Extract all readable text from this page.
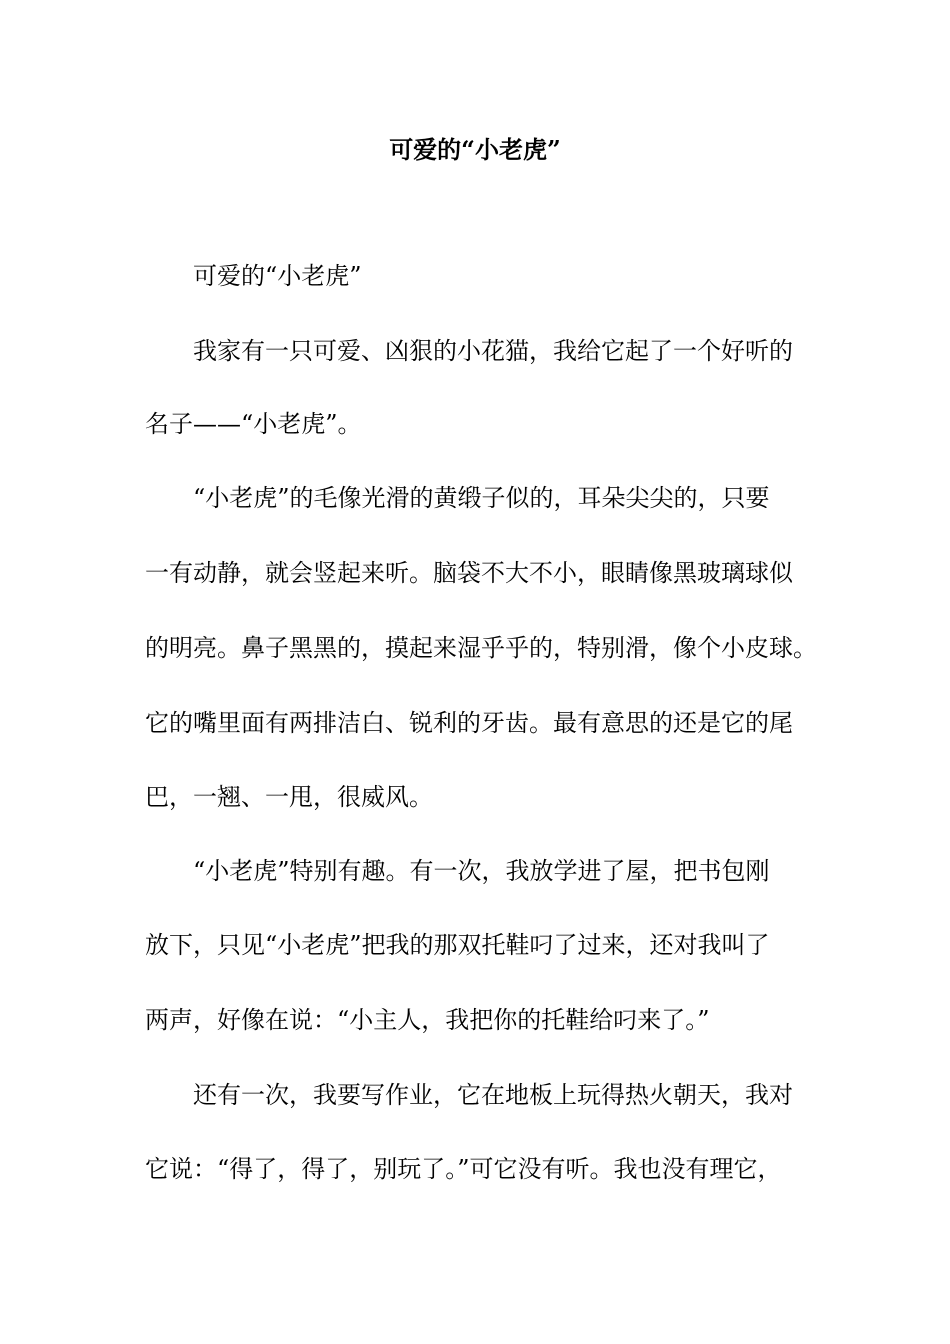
可爱的“小老虎”
可爱的“小老虎”
我家有一只可爱、凶狠的小花猫，我给它起了一个好听的
名子——“小老虎”。
“小老虎”的毛像光滑的黄缎子似的，耳朵尖尖的，只要
一有动静，就会竖起来听。脑袋不大不小，眼睛像黑玻璃球似
的明亮。鼻子黑黑的，摸起来湿乎乎的，特别滑，像个小皮球。
它的嘴里面有两排洁白、锐利的牙齿。最有意思的还是它的尾
巴，一翘、一甩，很威风。
“小老虎”特别有趣。有一次，我放学进了屋，把书包刚
放下，只见“小老虎”把我的那双托鞋叼了过来，还对我叫了
两声，好像在说：“小主人，我把你的托鞋给叼来了。”
还有一次，我要写作业，它在地板上玩得热火朝天，我对
它说：“得了，得了，别玩了。”可它没有听。我也没有理它，
